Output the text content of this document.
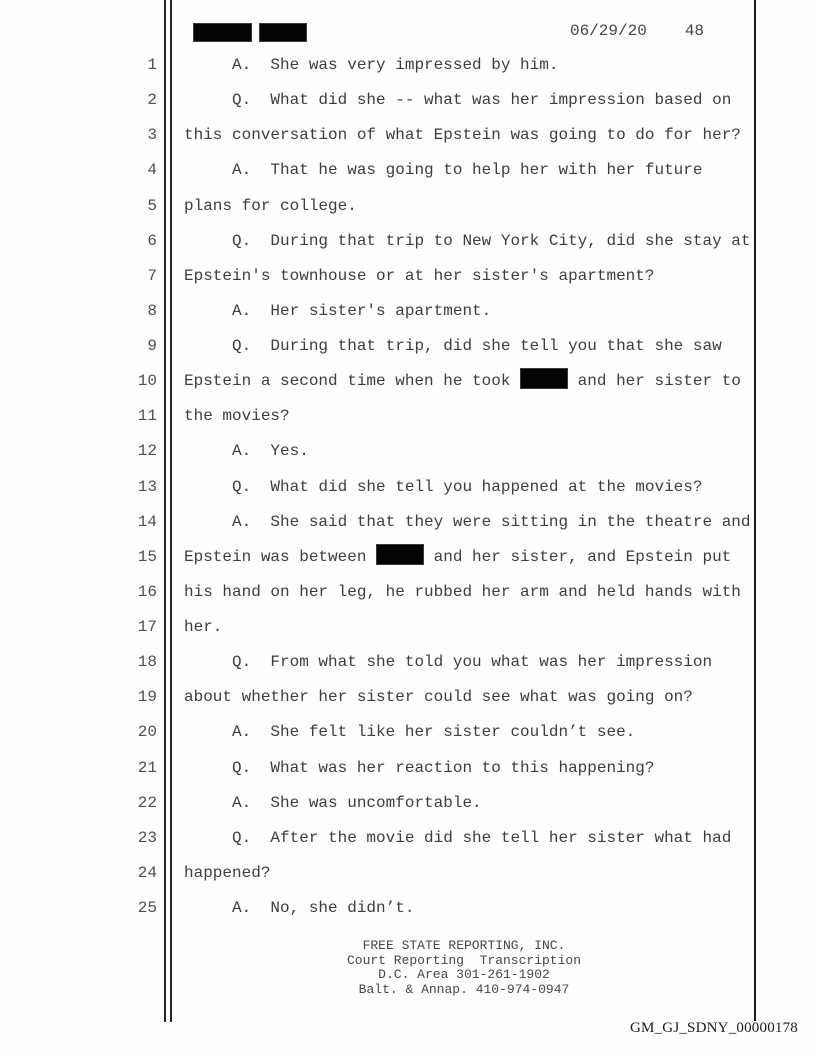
06/29/20 48
1
2
3
4
5
6
7
8
9
10
11
12
13
14
15
16
17
18
19
20
21
22
23
24
25
A.  She was very impressed by him.
Q.  What did she -- what was her impression based on
this conversation of what Epstein was going to do for her?
A.  That he was going to help her with her future
plans for college.
Q.  During that trip to New York City, did she stay at
Epstein's townhouse or at her sister's apartment?
A.  Her sister's apartment.
Q.  During that trip, did she tell you that she saw
Epstein a second time when he took	and her sister to
the movies?
A.  Yes.
Q.  What did she tell you happened at the movies?
A.  She said that they were sitting in the theatre and
Epstein was between	and her sister, and Epstein put
his hand on her leg, he rubbed her arm and held hands with
her.
Q.  From what she told you what was her impression
about whether her sister could see what was going on?
A.  She felt like her sister couldn’t see.
Q.  What was her reaction to this happening?
A.  She was uncomfortable.
Q.  After the movie did she tell her sister what had
happened?
A.  No, she didn’t.
FREE STATE REPORTING, INC.
Court Reporting  Transcription
D.C. Area 301-261-1902
Balt. & Annap. 410-974-0947
GM_GJ_SDNY_00000178
